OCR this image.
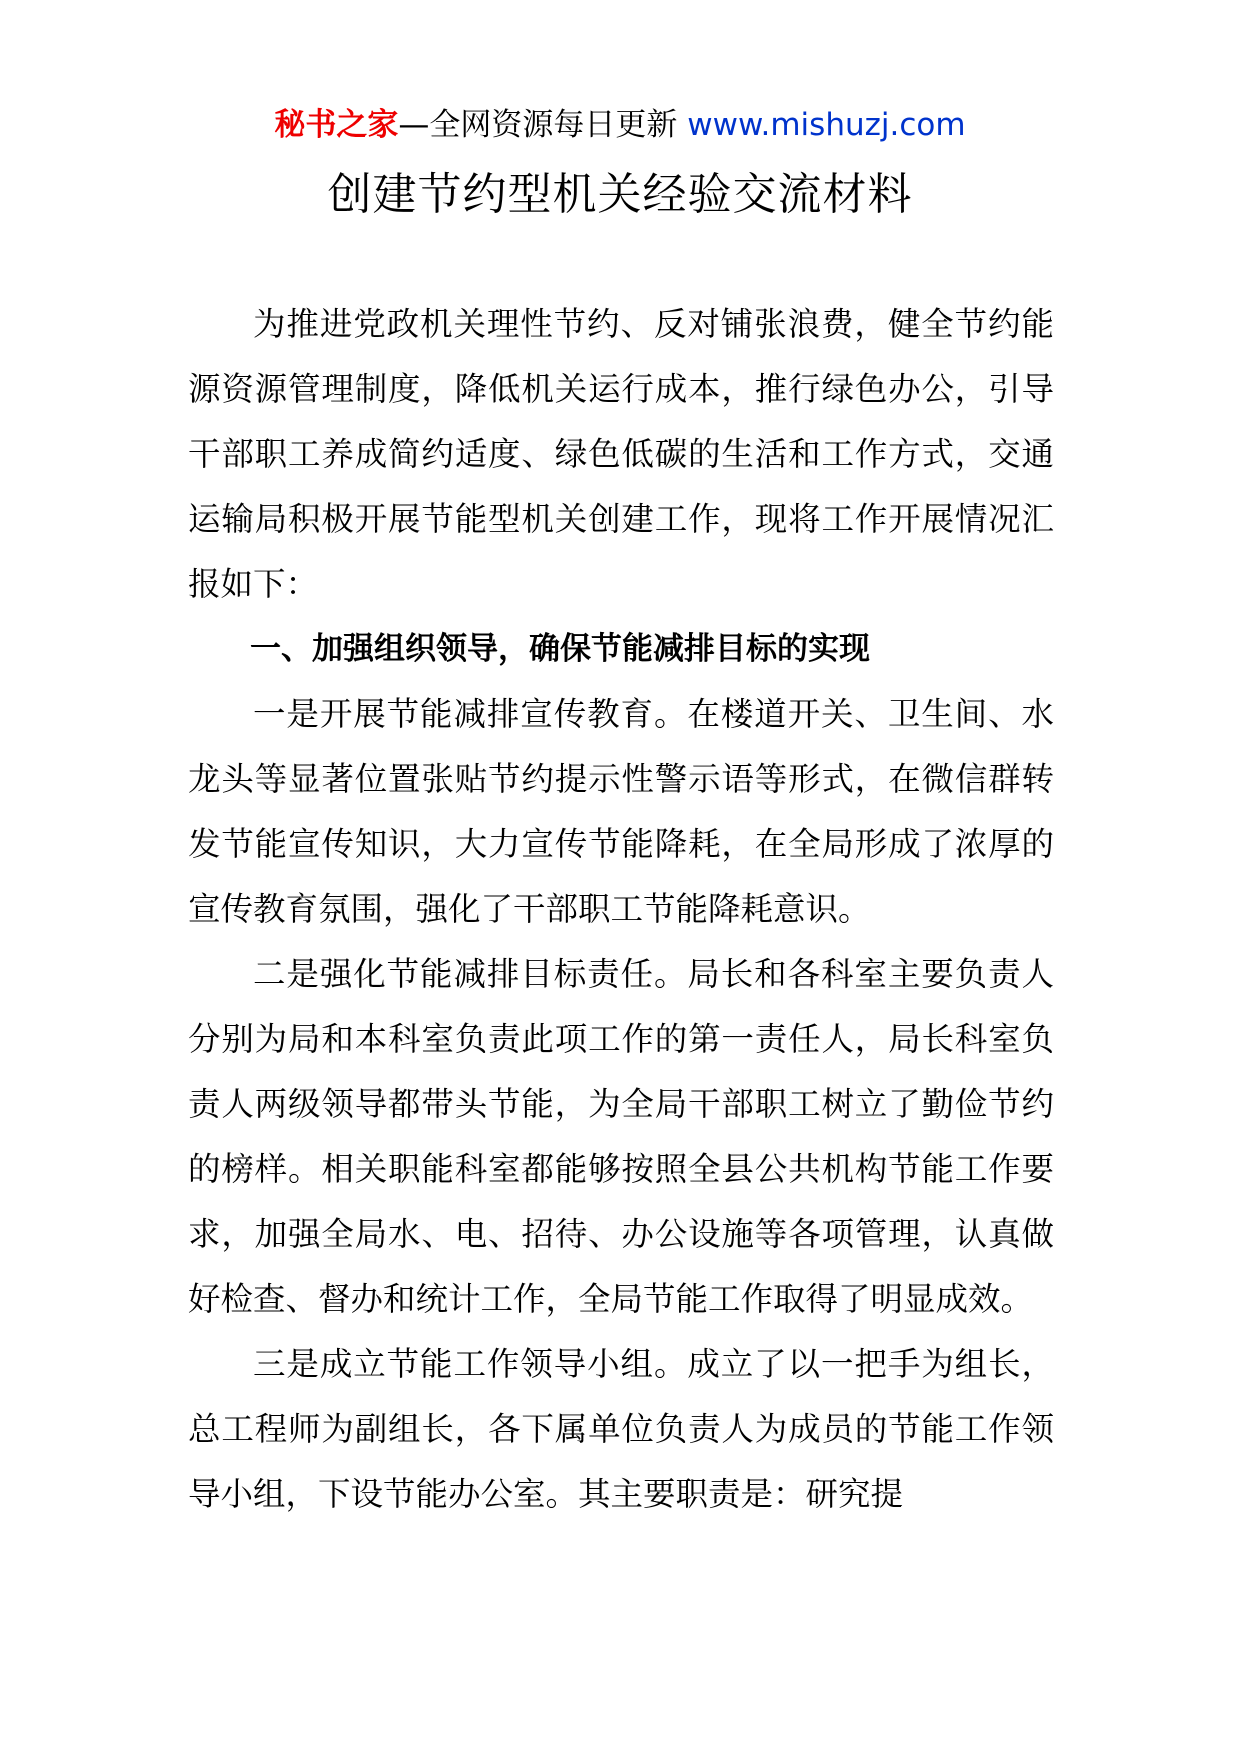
秘书之家—全网资源每日更新 www.mishuzj.com
创建节约型机关经验交流材料

为推进党政机关理性节约、反对铺张浪费，健全节约能源资源管理制度，降低机关运行成本，推行绿色办公，引导干部职工养成简约适度、绿色低碳的生活和工作方式，交通运输局积极开展节能型机关创建工作，现将工作开展情况汇报如下：

一、加强组织领导，确保节能减排目标的实现

一是开展节能减排宣传教育。在楼道开关、卫生间、水龙头等显著位置张贴节约提示性警示语等形式，在微信群转发节能宣传知识，大力宣传节能降耗，在全局形成了浓厚的宣传教育氛围，强化了干部职工节能降耗意识。

二是强化节能减排目标责任。局长和各科室主要负责人分别为局和本科室负责此项工作的第一责任人，局长科室负责人两级领导都带头节能，为全局干部职工树立了勤俭节约的榜样。相关职能科室都能够按照全县公共机构节能工作要求，加强全局水、电、招待、办公设施等各项管理，认真做好检查、督办和统计工作，全局节能工作取得了明显成效。

三是成立节能工作领导小组。成立了以一把手为组长，总工程师为副组长，各下属单位负责人为成员的节能工作领导小组，下设节能办公室。其主要职责是：研究提
